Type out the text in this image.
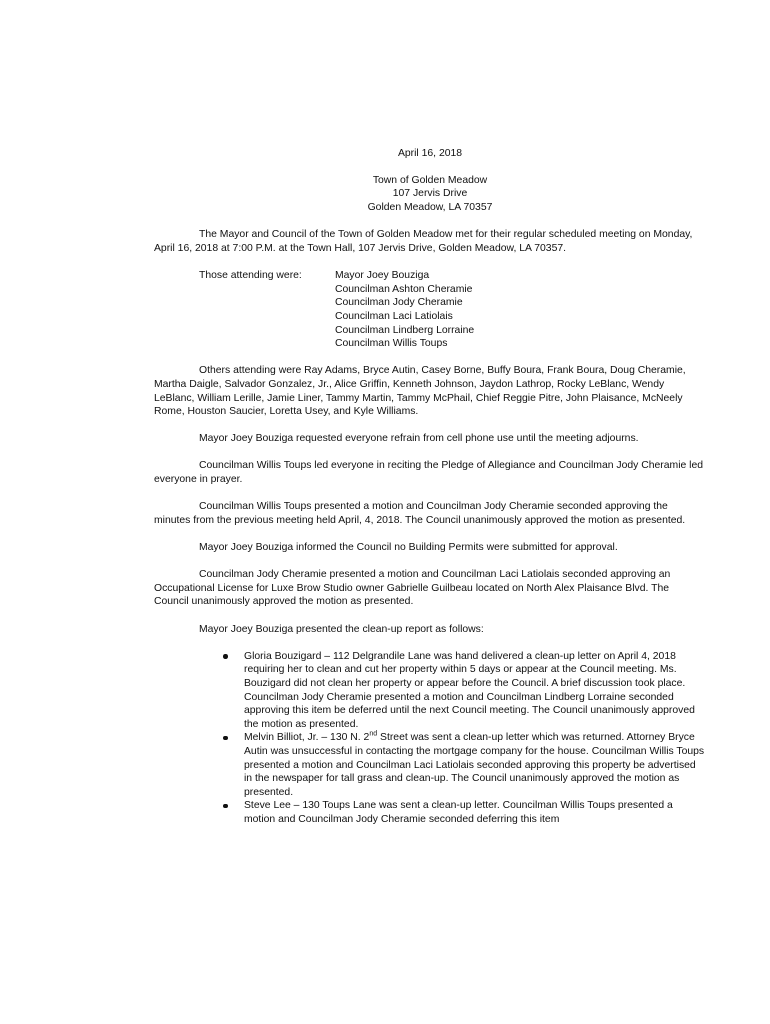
April 16, 2018
Town of Golden Meadow
107 Jervis Drive
Golden Meadow, LA 70357

The Mayor and Council of the Town of Golden Meadow met for their regular scheduled meeting on Monday, April 16, 2018 at 7:00 P.M. at the Town Hall, 107 Jervis Drive, Golden Meadow, LA 70357.

Those attending were:	Mayor Joey Bouziga
Councilman Ashton Cheramie
Councilman Jody Cheramie
Councilman Laci Latiolais
Councilman Lindberg Lorraine
Councilman Willis Toups

Others attending were Ray Adams, Bryce Autin, Casey Borne, Buffy Boura, Frank Boura, Doug Cheramie, Martha Daigle, Salvador Gonzalez, Jr., Alice Griffin, Kenneth Johnson, Jaydon Lathrop, Rocky LeBlanc, Wendy LeBlanc, William Lerille, Jamie Liner, Tammy Martin, Tammy McPhail, Chief Reggie Pitre, John Plaisance, McNeely Rome, Houston Saucier, Loretta Usey, and Kyle Williams.

Mayor Joey Bouziga requested everyone refrain from cell phone use until the meeting adjourns.

Councilman Willis Toups led everyone in reciting the Pledge of Allegiance and Councilman Jody Cheramie led everyone in prayer.

Councilman Willis Toups presented a motion and Councilman Jody Cheramie seconded approving the minutes from the previous meeting held April, 4, 2018. The Council unanimously approved the motion as presented.

Mayor Joey Bouziga informed the Council no Building Permits were submitted for approval.

Councilman Jody Cheramie presented a motion and Councilman Laci Latiolais seconded approving an Occupational License for Luxe Brow Studio owner Gabrielle Guilbeau located on North Alex Plaisance Blvd. The Council unanimously approved the motion as presented.

Mayor Joey Bouziga presented the clean-up report as follows:

Gloria Bouzigard – 112 Delgrandile Lane was hand delivered a clean-up letter on April 4, 2018 requiring her to clean and cut her property within 5 days or appear at the Council meeting. Ms. Bouzigard did not clean her property or appear before the Council. A brief discussion took place. Councilman Jody Cheramie presented a motion and Councilman Lindberg Lorraine seconded approving this item be deferred until the next Council meeting. The Council unanimously approved the motion as presented.
Melvin Billiot, Jr. – 130 N. 2nd Street was sent a clean-up letter which was returned. Attorney Bryce Autin was unsuccessful in contacting the mortgage company for the house. Councilman Willis Toups presented a motion and Councilman Laci Latiolais seconded approving this property be advertised in the newspaper for tall grass and clean-up. The Council unanimously approved the motion as presented.
Steve Lee – 130 Toups Lane was sent a clean-up letter. Councilman Willis Toups presented a motion and Councilman Jody Cheramie seconded deferring this item
